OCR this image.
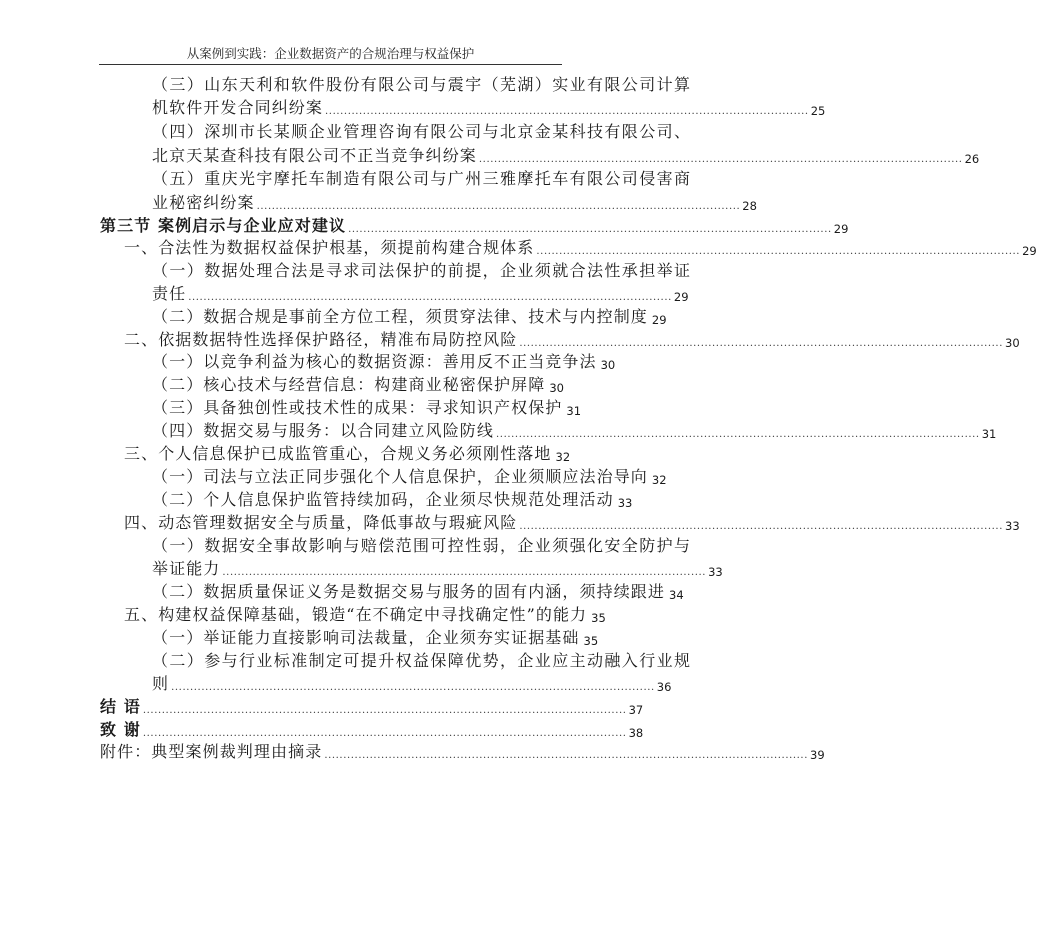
从案例到实践：企业数据资产的合规治理与权益保护
（三）山东天利和软件股份有限公司与震宇（芜湖）实业有限公司计算
机软件开发合同纠纷案 ................................................................................................................................ 25
（四）深圳市长某顺企业管理咨询有限公司与北京金某科技有限公司、
北京天某查科技有限公司不正当竞争纠纷案 ................................................................................................................................ 26
（五）重庆光宇摩托车制造有限公司与广州三雅摩托车有限公司侵害商
业秘密纠纷案 ................................................................................................................................ 28
第三节 案例启示与企业应对建议 ................................................................................................................................ 29
一、合法性为数据权益保护根基，须提前构建合规体系 ................................................................................................................................ 29
（一）数据处理合法是寻求司法保护的前提，企业须就合法性承担举证
责任 ................................................................................................................................ 29
（二）数据合规是事前全方位工程，须贯穿法律、技术与内控制度 29
二、依据数据特性选择保护路径，精准布局防控风险 ................................................................................................................................ 30
（一）以竞争利益为核心的数据资源：善用反不正当竞争法 30
（二）核心技术与经营信息：构建商业秘密保护屏障 30
（三）具备独创性或技术性的成果：寻求知识产权保护 31
（四）数据交易与服务：以合同建立风险防线 ................................................................................................................................ 31
三、个人信息保护已成监管重心，合规义务必须刚性落地 32
（一）司法与立法正同步强化个人信息保护，企业须顺应法治导向 32
（二）个人信息保护监管持续加码，企业须尽快规范处理活动 33
四、动态管理数据安全与质量，降低事故与瑕疵风险 ................................................................................................................................ 33
（一）数据安全事故影响与赔偿范围可控性弱，企业须强化安全防护与
举证能力 ................................................................................................................................ 33
（二）数据质量保证义务是数据交易与服务的固有内涵，须持续跟进 34
五、构建权益保障基础，锻造“在不确定中寻找确定性”的能力 35
（一）举证能力直接影响司法裁量，企业须夯实证据基础 35
（二）参与行业标准制定可提升权益保障优势，企业应主动融入行业规
则 ................................................................................................................................ 36
结 语 ................................................................................................................................ 37
致 谢 ................................................................................................................................ 38
附件：典型案例裁判理由摘录 ................................................................................................................................ 39
